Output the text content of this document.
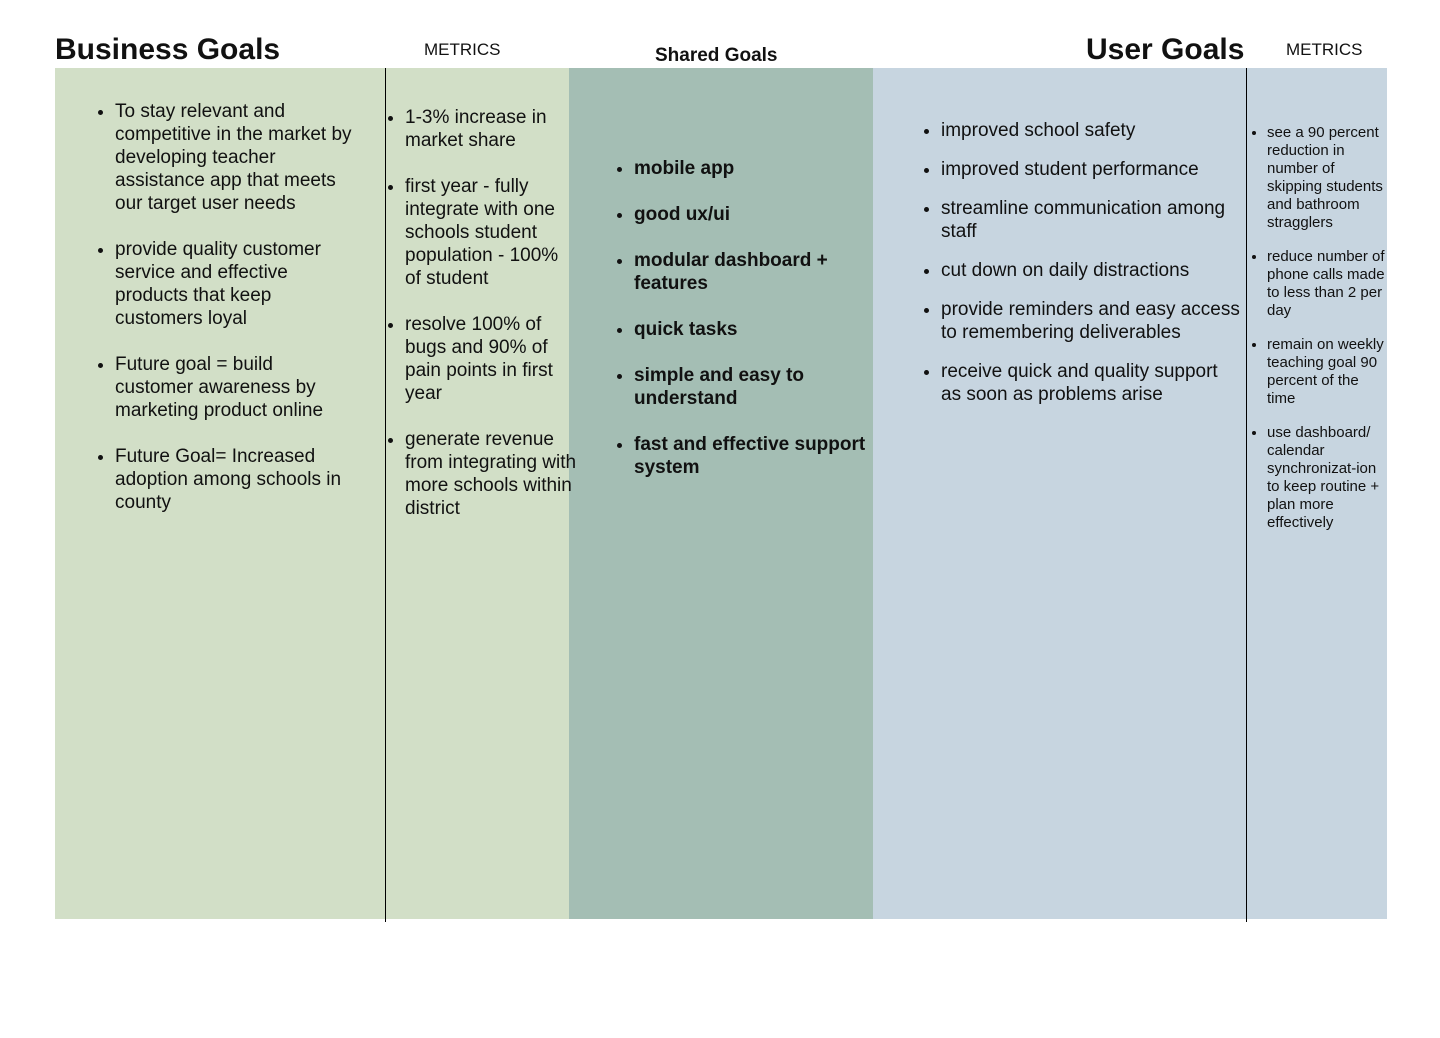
Business Goals	METRICS	Shared Goals	User Goals METRICS
• To stay relevant and competitive in the market by developing teacher assistance app that meets our target user needs
• provide quality customer service and effective products that keep customers loyal
• Future goal = build customer awareness by marketing product online
• Future Goal= Increased adoption among schools in county
• 1-3% increase in market share
• first year - fully integrate with one schools student population - 100% of student
• resolve 100% of bugs and 90% of pain points in first year
• generate revenue from integrating with more schools within district
• mobile app
• good ux/ui
• modular dashboard + features
• quick tasks
• simple and easy to understand
• fast and effective support system
• improved school safety
• improved student performance
• streamline communication among staff
• cut down on daily distractions
• provide reminders and easy access to remembering deliverables
• receive quick and quality support as soon as problems arise
• see a 90 percent reduction in number of skipping students and bathroom stragglers
• reduce number of phone calls made to less than 2 per day
• remain on weekly teaching goal 90 percent of the time
• use dashboard/ calendar synchronizat-ion to keep routine + plan more effectively
